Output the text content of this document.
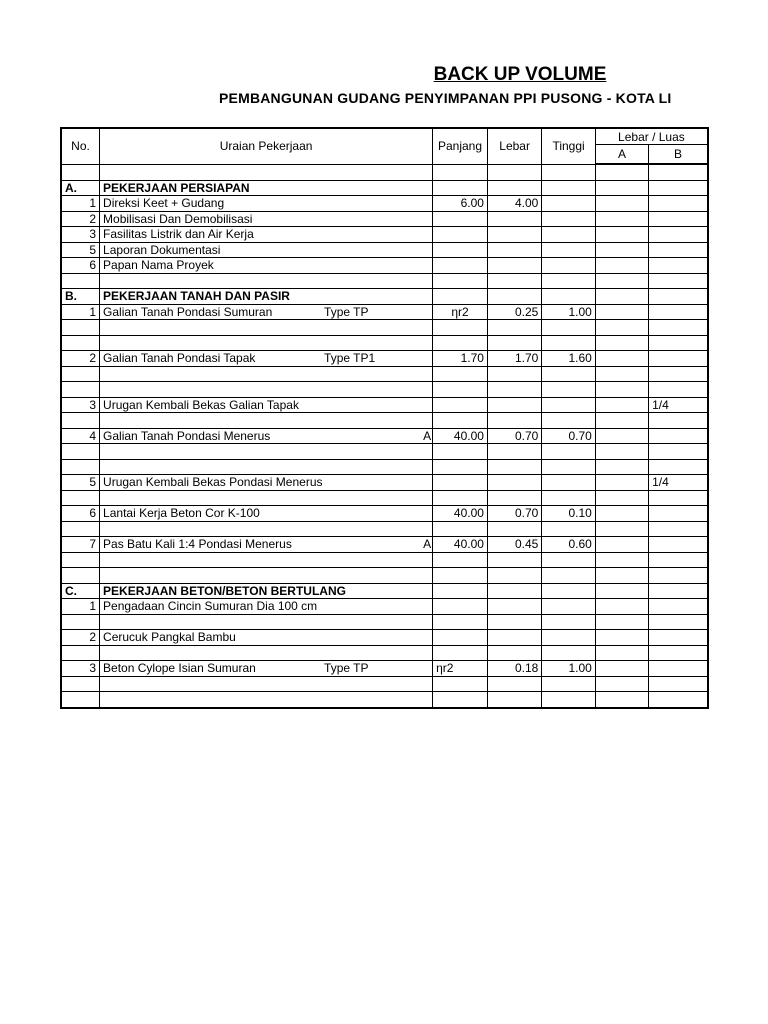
BACK UP VOLUME
PEMBANGUNAN GUDANG PENYIMPANAN PPI PUSONG - KOTA LI
No.	Uraian Pekerjaan	Panjang	Lebar	Tinggi	Lebar / Luas	
					A	B

A.	PEKERJAAN PERSIAPAN					
1	Direksi Keet + Gudang	6.00	4.00			
2	Mobilisasi Dan Demobilisasi					
3	Fasilitas Listrik dan Air Kerja					
5	Laporan Dokumentasi					
6	Papan Nama Proyek					

B.	PEKERJAAN TANAH DAN PASIR					
1	Galian Tanah Pondasi Sumuran Type TP	ηr2	0.25	1.00		

2	Galian Tanah Pondasi Tapak Type TP1	1.70	1.70	1.60		

3	Urugan Kembali Bekas Galian Tapak					1/4

4	Galian Tanah Pondasi Menerus A	40.00	0.70	0.70		

5	Urugan Kembali Bekas Pondasi Menerus					1/4

6	Lantai Kerja Beton Cor K-100	40.00	0.70	0.10		

7	Pas Batu Kali 1:4 Pondasi Menerus A	40.00	0.45	0.60		

C.	PEKERJAAN BETON/BETON BERTULANG					
1	Pengadaan Cincin Sumuran Dia 100 cm					

2	Cerucuk Pangkal Bambu					

3	Beton Cylope Isian Sumuran Type TP	ηr2	0.18	1.00		
